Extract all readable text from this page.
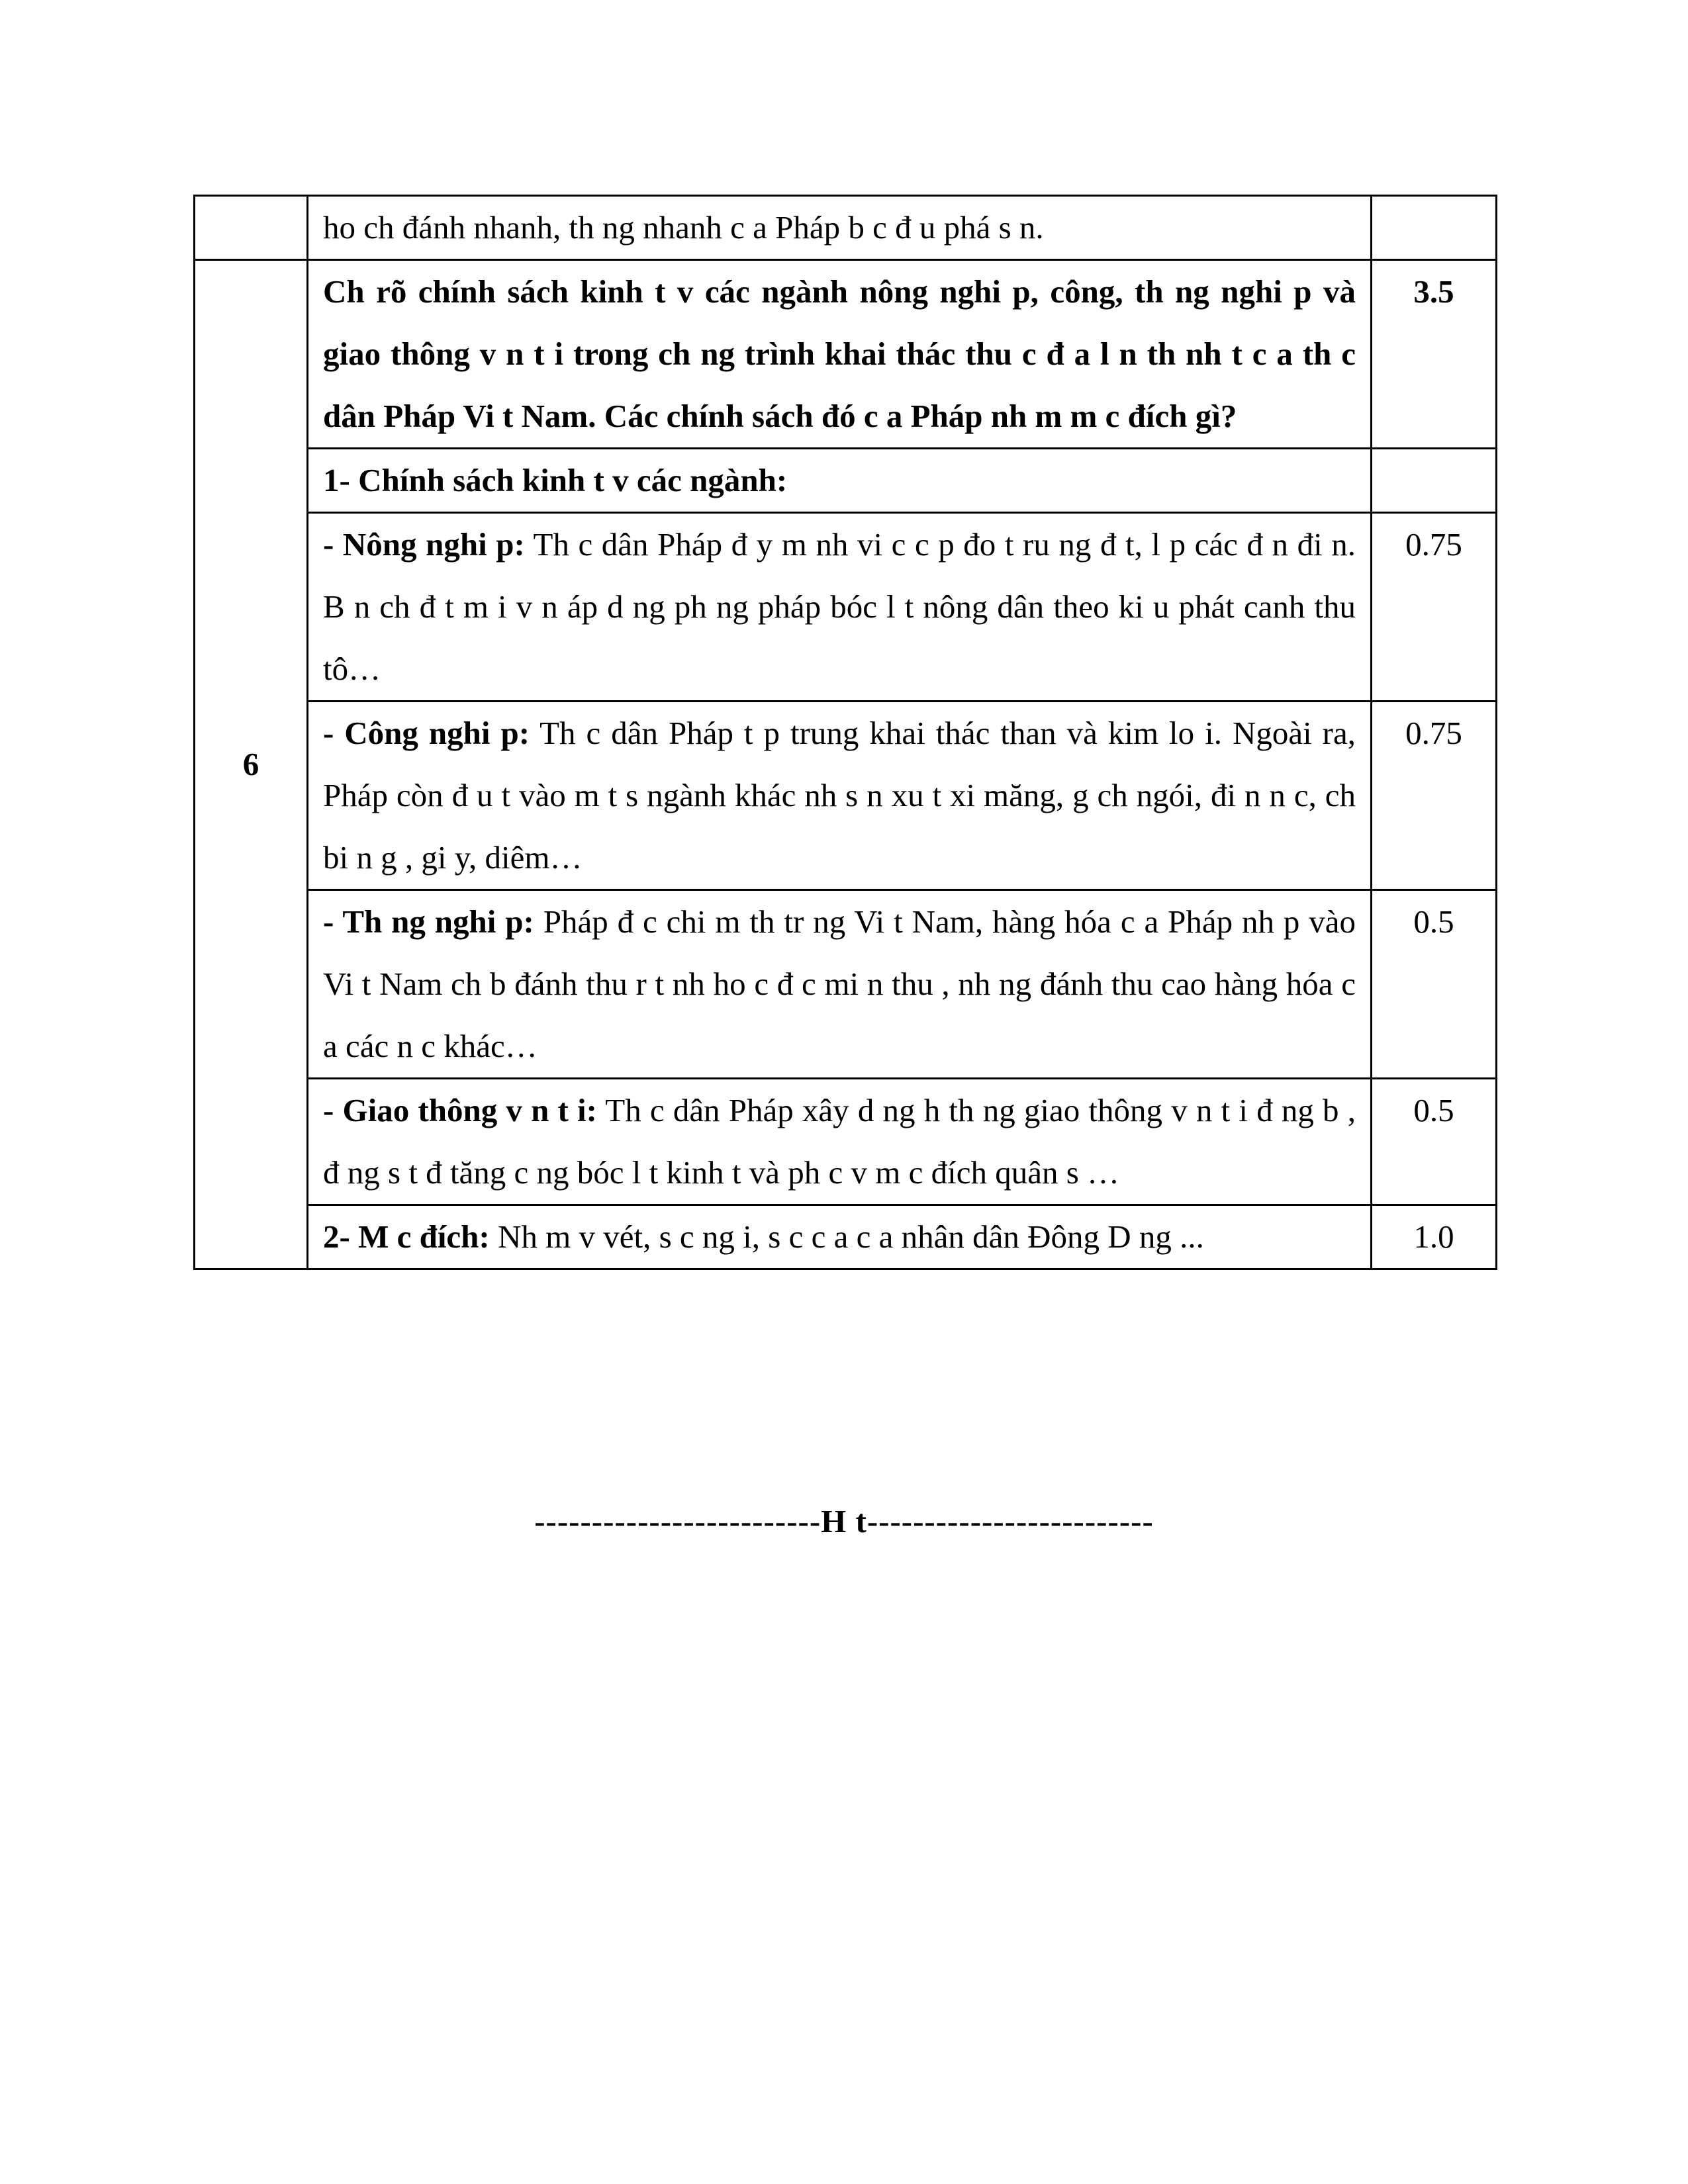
	ho ch đánh nhanh, th ng nhanh c a Pháp b c đ u phá s n.	
6	Ch rõ chính sách kinh t v các ngành nông nghi p, công, th ng nghi p và giao thông v n t i trong ch ng trình khai thác thu c đ a l n th nh t c a th c dân Pháp Vi t Nam. Các chính sách đó c a Pháp nh m m c đích gì?	3.5
	1- Chính sách kinh t v các ngành:	
	- Nông nghi p: Th c dân Pháp đ y m nh vi c c p đo t ru ng đ t, l p các đ n đi n. B n ch đ t m i v n áp d ng ph ng pháp bóc l t nông dân theo ki u phát canh thu tô…	0.75
	- Công nghi p: Th c dân Pháp t p trung khai thác than và kim lo i. Ngoài ra, Pháp còn đ u t vào m t s ngành khác nh s n xu t xi măng, g ch ngói, đi n n c, ch bi n g , gi y, diêm…	0.75
	- Th ng nghi p: Pháp đ c chi m th tr ng Vi t Nam, hàng hóa c a Pháp nh p vào Vi t Nam ch b đánh thu r t nh ho c đ c mi n thu , nh ng đánh thu cao hàng hóa c a các n c khác…	0.5
	- Giao thông v n t i: Th c dân Pháp xây d ng h th ng giao thông v n t i đ ng b , đ ng s t đ tăng c ng bóc l t kinh t và ph c v m c đích quân s …	0.5
	2- M c đích: Nh m v vét, s c ng i, s c c a c a nhân dân Đông D ng ...	1.0
-------------------------H t-------------------------
